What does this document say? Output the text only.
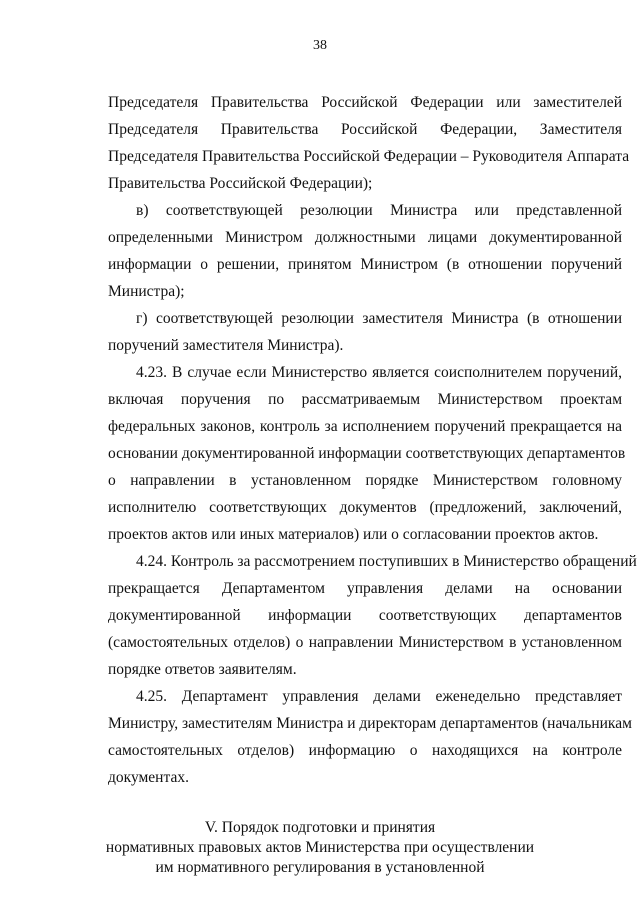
38
Председателя Правительства Российской Федерации или заместителей
Председателя Правительства Российской Федерации, Заместителя
Председателя Правительства Российской Федерации – Руководителя Аппарата
Правительства Российской Федерации);
в) соответствующей резолюции Министра или представленной
определенными Министром должностными лицами документированной
информации о решении, принятом Министром (в отношении поручений
Министра);
г) соответствующей резолюции заместителя Министра (в отношении
поручений заместителя Министра).
4.23. В случае если Министерство является соисполнителем поручений,
включая поручения по рассматриваемым Министерством проектам
федеральных законов, контроль за исполнением поручений прекращается на
основании документированной информации соответствующих департаментов
о направлении в установленном порядке Министерством головному
исполнителю соответствующих документов (предложений, заключений,
проектов актов или иных материалов) или о согласовании проектов актов.
4.24. Контроль за рассмотрением поступивших в Министерство обращений
прекращается Департаментом управления делами на основании
документированной информации соответствующих департаментов
(самостоятельных отделов) о направлении Министерством в установленном
порядке ответов заявителям.
4.25. Департамент управления делами еженедельно представляет
Министру, заместителям Министра и директорам департаментов (начальникам
самостоятельных отделов) информацию о находящихся на контроле
документах.
V. Порядок подготовки и принятия
нормативных правовых актов Министерства при осуществлении
им нормативного регулирования в установленной
